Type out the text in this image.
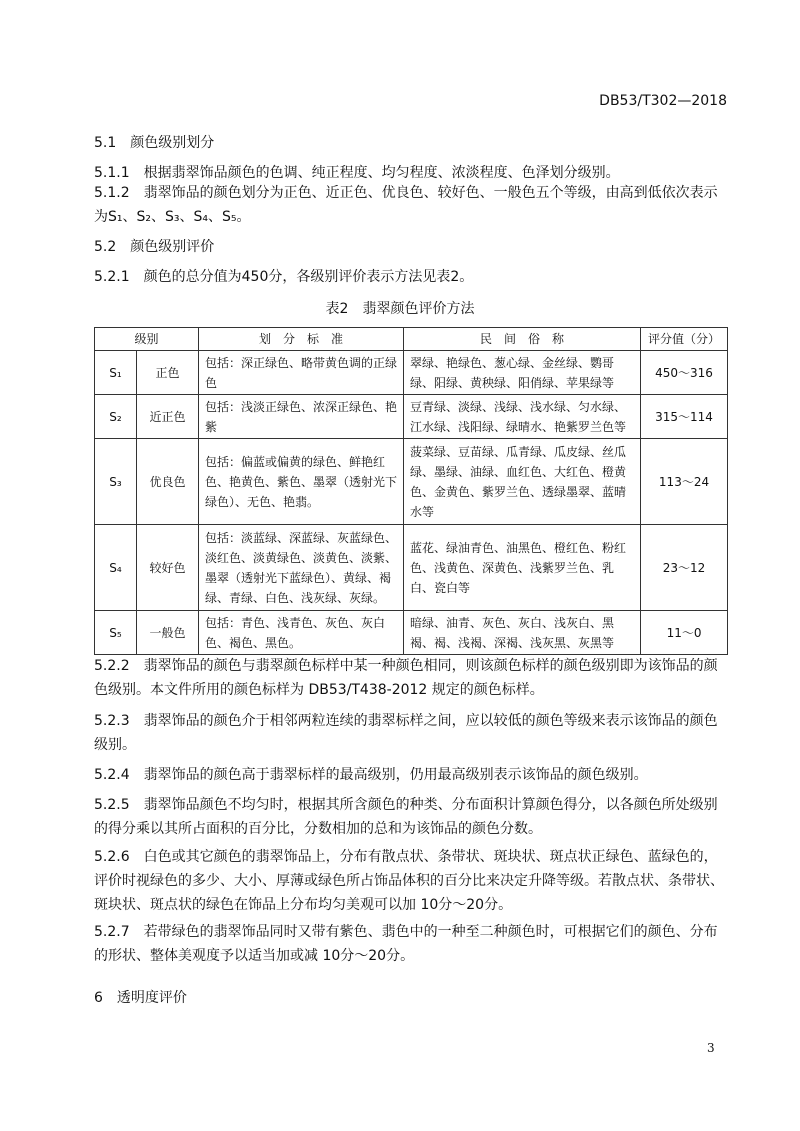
DB53/T302—2018
5.1　颜色级别划分
5.1.1 根据翡翠饰品颜色的色调、纯正程度、均匀程度、浓淡程度、色泽划分级别。
5.1.2 翡翠饰品的颜色划分为正色、近正色、优良色、较好色、一般色五个等级，由高到低依次表示为S₁、S₂、S₃、S₄、S₅。
5.2　颜色级别评价
5.2.1 颜色的总分值为450分，各级别评价表示方法见表2。
表2　翡翠颜色评价方法
级别		划　分　标　准	民　间　俗　称	评分值（分）
S₁	正色	包括：深正绿色、略带黄色调的正绿色	翠绿、艳绿色、葱心绿、金丝绿、鹦哥绿、阳绿、黄秧绿、阳俏绿、苹果绿等	450～316
S₂	近正色	包括：浅淡正绿色、浓深正绿色、艳紫	豆青绿、淡绿、浅绿、浅水绿、匀水绿、江水绿、浅阳绿、绿晴水、艳紫罗兰色等	315～114
S₃	优良色	包括：偏蓝或偏黄的绿色、鲜艳红色、艳黄色、紫色、墨翠（透射光下绿色）、无色、艳翡。	菠菜绿、豆苗绿、瓜青绿、瓜皮绿、丝瓜绿、墨绿、油绿、血红色、大红色、橙黄色、金黄色、紫罗兰色、透绿墨翠、蓝晴水等	113～24
S₄	较好色	包括：淡蓝绿、深蓝绿、灰蓝绿色、淡红色、淡黄绿色、淡黄色、淡紫、墨翠（透射光下蓝绿色）、黄绿、褐绿、青绿、白色、浅灰绿、灰绿。	蓝花、绿油青色、油黑色、橙红色、粉红色、浅黄色、深黄色、浅紫罗兰色、乳白、瓷白等	23～12
S₅	一般色	包括：青色、浅青色、灰色、灰白色、褐色、黑色。	暗绿、油青、灰色、灰白、浅灰白、黑褐、褐、浅褐、深褐、浅灰黑、灰黑等	11～0
5.2.2 翡翠饰品的颜色与翡翠颜色标样中某一种颜色相同，则该颜色标样的颜色级别即为该饰品的颜色级别。本文件所用的颜色标样为 DB53/T438-2012 规定的颜色标样。
5.2.3 翡翠饰品的颜色介于相邻两粒连续的翡翠标样之间，应以较低的颜色等级来表示该饰品的颜色级别。
5.2.4 翡翠饰品的颜色高于翡翠标样的最高级别，仍用最高级别表示该饰品的颜色级别。
5.2.5 翡翠饰品颜色不均匀时，根据其所含颜色的种类、分布面积计算颜色得分，以各颜色所处级别的得分乘以其所占面积的百分比，分数相加的总和为该饰品的颜色分数。
5.2.6 白色或其它颜色的翡翠饰品上，分布有散点状、条带状、斑块状、斑点状正绿色、蓝绿色的，评价时视绿色的多少、大小、厚薄或绿色所占饰品体积的百分比来决定升降等级。若散点状、条带状、斑块状、斑点状的绿色在饰品上分布均匀美观可以加 10分～20分。
5.2.7 若带绿色的翡翠饰品同时又带有紫色、翡色中的一种至二种颜色时，可根据它们的颜色、分布的形状、整体美观度予以适当加或减 10分～20分。
6　透明度评价
3
